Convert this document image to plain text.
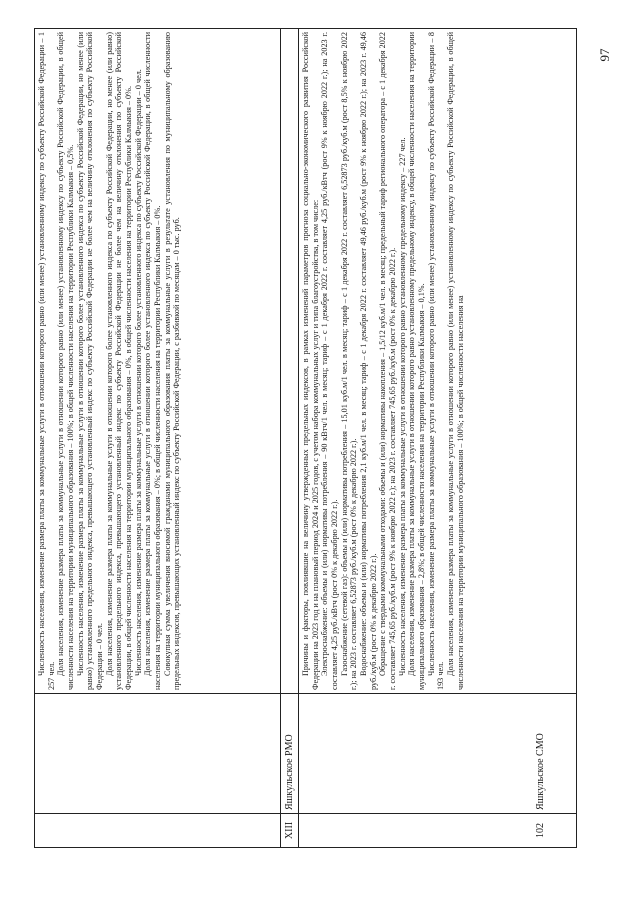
97

Численность населения, изменение размера платы за коммунальные услуги в отношении которого равно (или менее) установленному индексу по субъекту Российской Федерации – 1 257 чел. Доля населения, изменение размера платы за коммунальные услуги в отношении которого равно (или менее) установленному индексу по субъекту Российской Федерации, в общей численности населения на территории муниципального образования – 100%; в общей численности населения на территории Республики Калмыкия – 0,5%. Численность населения, изменение размера платы за коммунальные услуги в отношении которого более установленного индекса по субъекту Российской Федерации, но менее (или равно) установленного предельного индекса, превышающего установленный индекс по субъекту Российской Федерации не более чем на величину отклонения по субъекту Российской Федерации – 0 чел. Доля населения, изменение размера платы за коммунальные услуги в отношении которого более установленного индекса по субъекту Российской Федерации, но менее (или равно) установленного предельного индекса, превышающего установленный индекс по субъекту Российской Федерации не более чем на величину отклонения по субъекту Российской Федерации, в общей численности населения на территории муниципального образования – 0%, в общей численности населения на территории Республики Калмыкия – 0%. Численность населения, изменение размера платы за коммунальные услуги в отношении которого более установленного индекса по субъекту Российской Федерации – 0 чел. Доля населения, изменение размера платы за коммунальные услуги в отношении которого более установленного индекса по субъекту Российской Федерации, в общей численности населения на территории муниципального образования – 0%; в общей численности населения на территории Республики Калмыкия – 0%. Совокупная сумма увеличения вносимой гражданами муниципального образования платы за коммунальные услуги в результате установления по муниципальному образованию предельных индексов, превышающих установленный индекс по субъекту Российской Федерации, с разбивкой по месяцам – 0 тыс. руб.

XIII
Яшкульское РМО
102
Яшкульское СМО

Причины и факторы, повлиявшие на величину утвержденных предельных индексов, в рамках изменений параметров прогноза социально-экономического развития Российской Федерации на 2023 год и на плановый период 2024 и 2025 годов, с учетом набора коммунальных услуг и типа благоустройства, в том числе: Электроснабжение: объемы и (или) нормативы потребления – 90 кВтч/1 чел. в месяц; тариф – с 1 декабря 2022 г. составляет 4,25 руб./кВтч (рост 9% к ноябрю 2022 г.); на 2023 г. составляет 4,25 руб./кВтч (рост 0% к декабрю 2022 г.). Газоснабжение (сетевой газ): объемы и (или) нормативы потребления – 15,01 куб.м/1 чел. в месяц; тариф – с 1 декабря 2022 г. составляет 6,52873 руб./куб.м (рост 8,5% к ноябрю 2022 г.); на 2023 г. составляет 6,52873 руб./куб.м (рост 0% к декабрю 2022 г.). Водоснабжение: объемы и (или) нормативы потребления 2,1 куб.м/1 чел. в месяц; тариф – с 1 декабря 2022 г. составляет 49,46 руб./куб.м (рост 9% к ноябрю 2022 г.); на 2023 г. 49,46 руб./куб.м (рост 0% к декабрю 2022 г.). Обращение с твердыми коммунальными отходами: объемы и (или) нормативы накопления – 1,5/12 куб.м/1 чел. в месяц; предельный тариф регионального оператора – с 1 декабря 2022 г. составляет 745,65 руб./куб.м (рост 9% к ноябрю 2022 г.); на 2023 г. составляет 745,65 руб./куб.м (рост 0% к декабрю 2022 г.). Численность населения, изменение размера платы за коммунальные услуги в отношении которого равно установленному предельному индексу – 227 чел. Доля населения, изменение размера платы за коммунальные услуги в отношении которого равно установленному предельному индексу, в общей численности населения на территории муниципального образования – 2,8%; в общей численности населения на территории Республики Калмыкия – 0,1%. Численность населения, изменение размера платы за коммунальные услуги в отношении которого равно (или менее) установленному индексу по субъекту Российской Федерации – 8 193 чел. Доля населения, изменение размера платы за коммунальные услуги в отношении которого равно (или менее) установленному индексу по субъекту Российской Федерации, в общей численности населения на территории муниципального образования – 100%; в общей численности населения на
